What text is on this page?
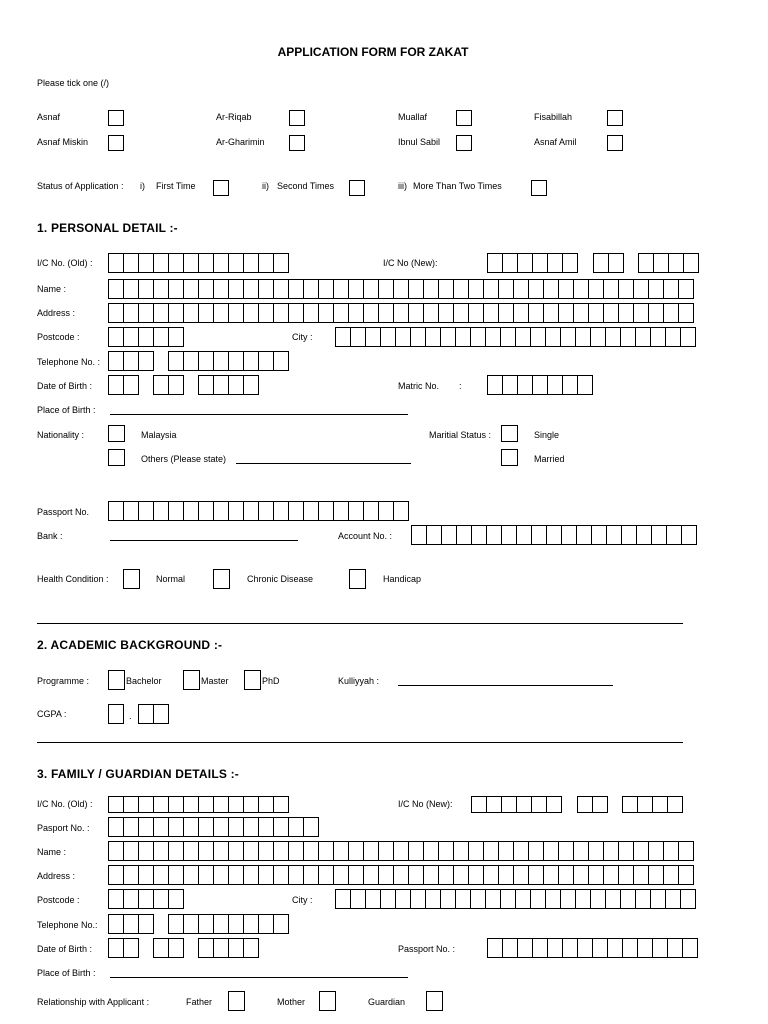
APPLICATION FORM FOR ZAKAT
Please tick one (/)
Asnaf	Ar-Riqab	Muallaf	Fisabillah
Asnaf Miskin	Ar-Gharimin	Ibnul Sabil	Asnaf Amil
Status of Application : i) First Time	ii) Second Times	iii) More Than Two Times
1. PERSONAL DETAIL :-
I/C No. (Old) :	I/C No (New):
Name :
Address :
Postcode :	City :
Telephone No. :
Date of Birth :	Matric No. :
Place of Birth :
Nationality :	Malaysia
Others (Please state)
Maritial Status :	Single
Married
Passport No.
Bank :	Account No. :
Health Condition :	Normal	Chronic Disease	Handicap
2. ACADEMIC BACKGROUND :-
Programme :	Bachelor	Master	PhD	Kulliyyah :
CGPA :	.
3. FAMILY / GUARDIAN DETAILS :-
I/C No. (Old) :	I/C No (New):
Pasport No. :
Name :
Address :
Postcode :	City :
Telephone No.:
Date of Birth :	Passport No. :
Place of Birth :
Relationship with Applicant :	Father	Mother	Guardian
